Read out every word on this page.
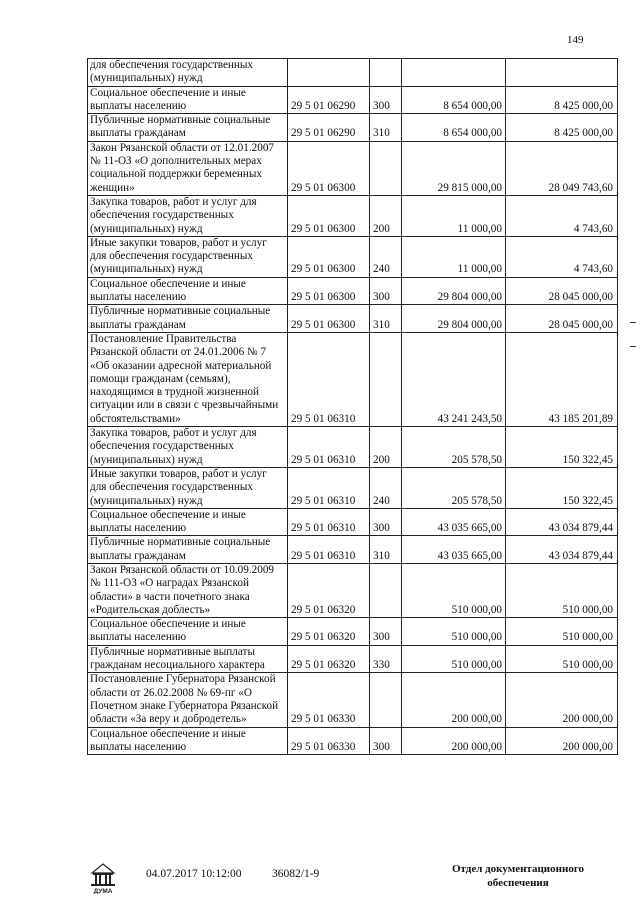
149
для обеспечения государственных (муниципальных) нужд				
Социальное обеспечение и иные выплаты населению	29 5 01 06290	300	8 654 000,00	8 425 000,00
Публичные нормативные социальные выплаты гражданам	29 5 01 06290	310	8 654 000,00	8 425 000,00
Закон Рязанской области от 12.01.2007 № 11-ОЗ «О дополнительных мерах социальной поддержки беременных женщин»	29 5 01 06300		29 815 000,00	28 049 743,60
Закупка товаров, работ и услуг для обеспечения государственных (муниципальных) нужд	29 5 01 06300	200	11 000,00	4 743,60
Иные закупки товаров, работ и услуг для обеспечения государственных (муниципальных) нужд	29 5 01 06300	240	11 000,00	4 743,60
Социальное обеспечение и иные выплаты населению	29 5 01 06300	300	29 804 000,00	28 045 000,00
Публичные нормативные социальные выплаты гражданам	29 5 01 06300	310	29 804 000,00	28 045 000,00
Постановление Правительства Рязанской области от 24.01.2006 № 7 «Об оказании адресной материальной помощи гражданам (семьям), находящимся в трудной жизненной ситуации или в связи с чрезвычайными обстоятельствами»	29 5 01 06310		43 241 243,50	43 185 201,89
Закупка товаров, работ и услуг для обеспечения государственных (муниципальных) нужд	29 5 01 06310	200	205 578,50	150 322,45
Иные закупки товаров, работ и услуг для обеспечения государственных (муниципальных) нужд	29 5 01 06310	240	205 578,50	150 322,45
Социальное обеспечение и иные выплаты населению	29 5 01 06310	300	43 035 665,00	43 034 879,44
Публичные нормативные социальные выплаты гражданам	29 5 01 06310	310	43 035 665,00	43 034 879,44
Закон Рязанской области от 10.09.2009 № 111-ОЗ «О наградах Рязанской области» в части почетного знака «Родительская доблесть»	29 5 01 06320		510 000,00	510 000,00
Социальное обеспечение и иные выплаты населению	29 5 01 06320	300	510 000,00	510 000,00
Публичные нормативные выплаты гражданам несоциального характера	29 5 01 06320	330	510 000,00	510 000,00
Постановление Губернатора Рязанской области от 26.02.2008 № 69-пг «О Почетном знаке Губернатора Рязанской области «За веру и добродетель»	29 5 01 06330		200 000,00	200 000,00
Социальное обеспечение и иные выплаты населению	29 5 01 06330	300	200 000,00	200 000,00
ДУМА
04.07.2017 10:12:00	36082/1-9	Отдел документационного
обеспечения
